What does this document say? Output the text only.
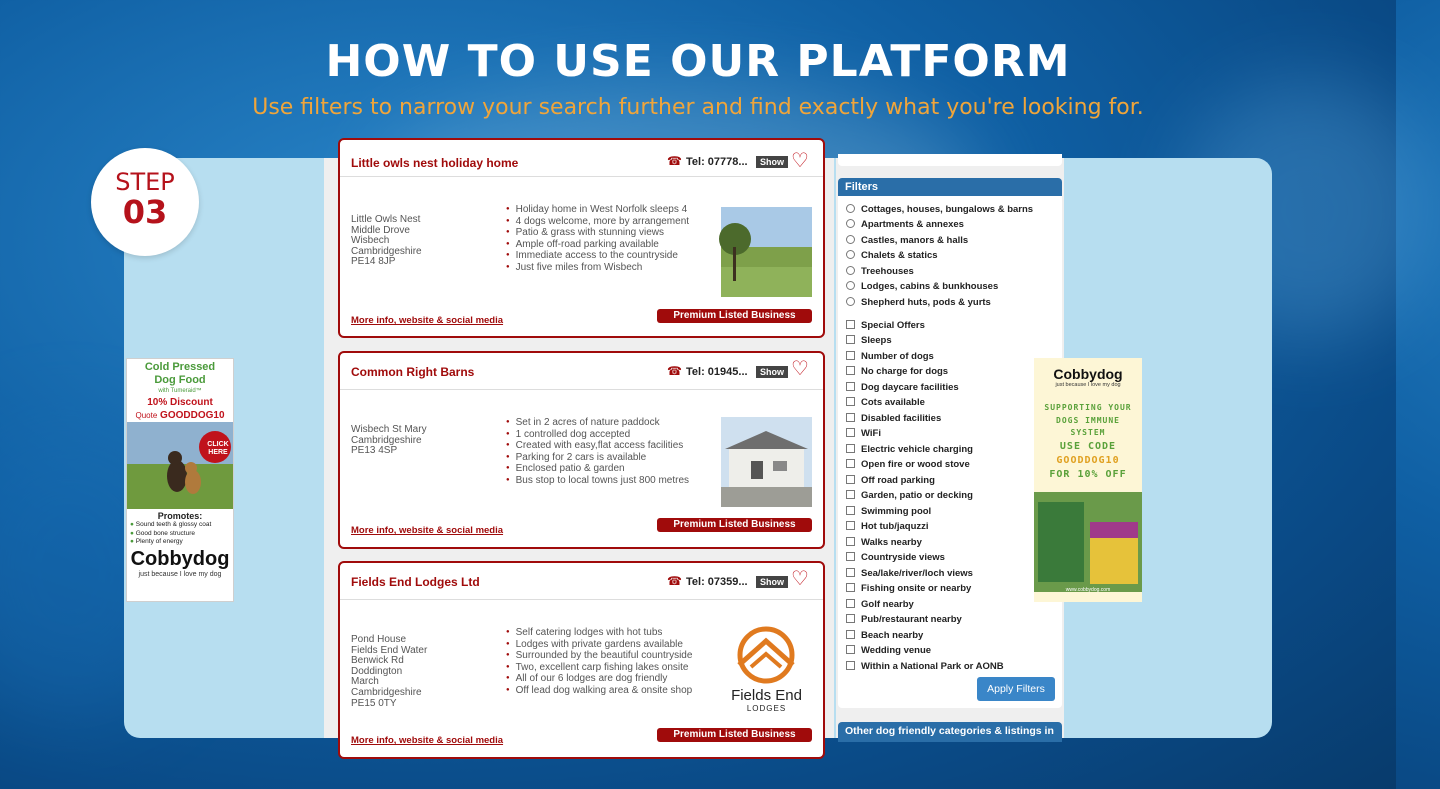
HOW TO USE OUR PLATFORM
Use filters to narrow your search further and find exactly what you're looking for.
STEP
03
Little owls nest holiday home	☎ Tel: 07778...	Show ♡
Little Owls Nest
Middle Drove
Wisbech
Cambridgeshire
PE14 8JP
● Holiday home in West Norfolk sleeps 4
● 4 dogs welcome, more by arrangement
● Patio & grass with stunning views
● Ample off-road parking available
● Immediate access to the countryside
● Just five miles from Wisbech
More info, website & social media	Premium Listed Business
Common Right Barns	☎ Tel: 01945...	Show ♡
Wisbech St Mary
Cambridgeshire
PE13 4SP
● Set in 2 acres of nature paddock
● 1 controlled dog accepted
● Created with easy,flat access facilities
● Parking for 2 cars is available
● Enclosed patio & garden
● Bus stop to local towns just 800 metres
More info, website & social media
Premium Listed Business
Fields End Lodges Ltd	☎ Tel: 07359...	Show ♡
Pond House
Fields End Water
Benwick Rd
Doddington
March
Cambridgeshire
PE15 0TY
● Self catering lodges with hot tubs
● Lodges with private gardens available
● Surrounded by the beautiful countryside
● Two, excellent carp fishing lakes onsite
● All of our 6 lodges are dog friendly
● Off lead dog walking area & onsite shop	Fields End
LODGES
More info, website & social media
Premium Listed Business
Filters
Cottages, houses, bungalows & barns
Apartments & annexes
Castles, manors & halls
Chalets & statics
Treehouses
Lodges, cabins & bunkhouses
Shepherd huts, pods & yurts
Special Offers
Sleeps
Number of dogs
No charge for dogs
Dog daycare facilities
Cots available
Disabled facilities
WiFi
Electric vehicle charging
Open fire or wood stove
Off road parking
Garden, patio or decking
Swimming pool
Hot tub/jaquzzi
Walks nearby
Countryside views
Sea/lake/river/loch views
Fishing onsite or nearby
Golf nearby
Pub/restaurant nearby
Beach nearby
Wedding venue
Within a National Park or AONB
Apply Filters
Other dog friendly categories & listings in
Cold Pressed
Dog Food
with Tumeraid™
10% Discount
Quote GOODDOG10
CLICK HERE
Promotes:
● Sound teeth & glossy coat
● Good bone structure
● Plenty of energy
Cobbydog
just because I love my dog
Cobbydog
just because I love my dog
SUPPORTING YOUR
DOGS IMMUNE
SYSTEM
USE CODE
GOODDOG10
FOR 10% OFF
www.cobbydog.com
